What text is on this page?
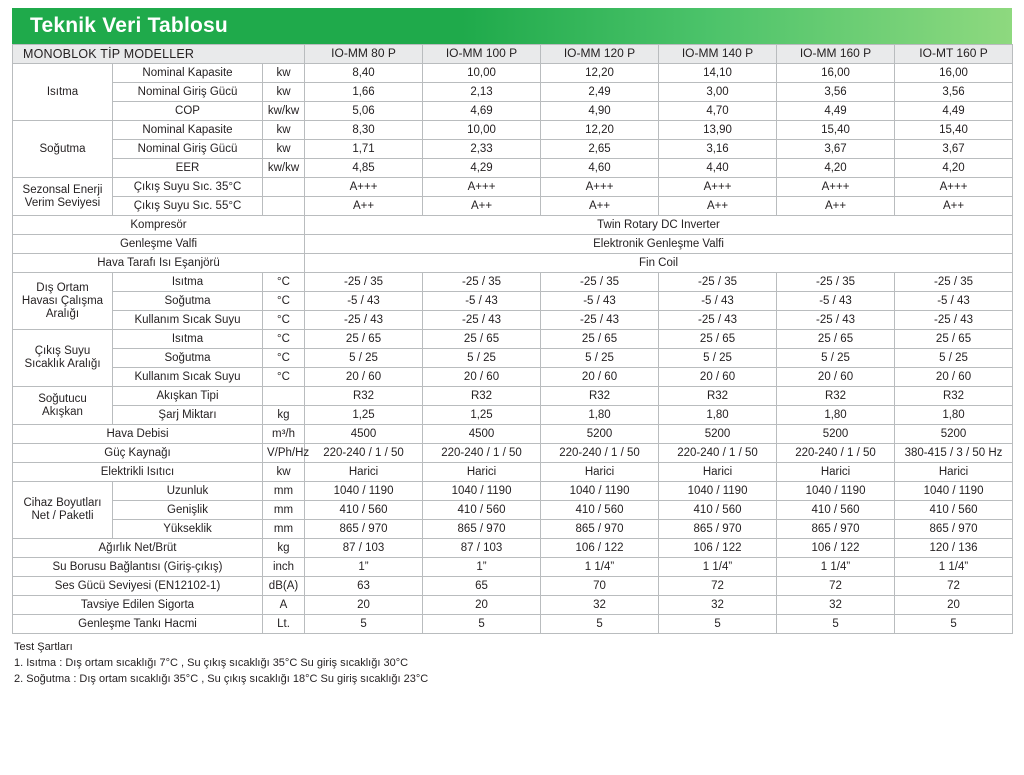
Teknik Veri Tablosu
MONOBLOK TİP MODELLER			IO-MM 80 P	IO-MM 100 P	IO-MM 120 P	IO-MM 140 P	IO-MM 160 P	IO-MT 160 P
Isıtma	Nominal Kapasite	kw	8,40	10,00	12,20	14,10	16,00	16,00
	Nominal Giriş Gücü	kw	1,66	2,13	2,49	3,00	3,56	3,56
	COP	kw/kw	5,06	4,69	4,90	4,70	4,49	4,49
Soğutma	Nominal Kapasite	kw	8,30	10,00	12,20	13,90	15,40	15,40
	Nominal Giriş Gücü	kw	1,71	2,33	2,65	3,16	3,67	3,67
	EER	kw/kw	4,85	4,29	4,60	4,40	4,20	4,20
Sezonsal Enerji Verim Seviyesi	Çıkış Suyu Sıc. 35°C		A+++	A+++	A+++	A+++	A+++	A+++
	Çıkış Suyu Sıc. 55°C		A++	A++	A++	A++	A++	A++
Kompresör			Twin Rotary DC Inverter					
Genleşme Valfi			Elektronik Genleşme Valfi					
Hava Tarafı Isı Eşanjörü			Fin Coil					
Dış Ortam Havası Çalışma Aralığı	Isıtma	°C	-25 / 35	-25 / 35	-25 / 35	-25 / 35	-25 / 35	-25 / 35
	Soğutma	°C	-5 / 43	-5 / 43	-5 / 43	-5 / 43	-5 / 43	-5 / 43
	Kullanım Sıcak Suyu	°C	-25 / 43	-25 / 43	-25 / 43	-25 / 43	-25 / 43	-25 / 43
Çıkış Suyu Sıcaklık Aralığı	Isıtma	°C	25 / 65	25 / 65	25 / 65	25 / 65	25 / 65	25 / 65
	Soğutma	°C	5 / 25	5 / 25	5 / 25	5 / 25	5 / 25	5 / 25
	Kullanım Sıcak Suyu	°C	20 / 60	20 / 60	20 / 60	20 / 60	20 / 60	20 / 60
Soğutucu Akışkan	Akışkan Tipi		R32	R32	R32	R32	R32	R32
	Şarj Miktarı	kg	1,25	1,25	1,80	1,80	1,80	1,80
Hava Debisi		m³/h	4500	4500	5200	5200	5200	5200
Güç Kaynağı		V/Ph/Hz	220-240 / 1 / 50	220-240 / 1 / 50	220-240 / 1 / 50	220-240 / 1 / 50	220-240 / 1 / 50	380-415 / 3 / 50 Hz
Elektrikli Isıtıcı		kw	Harici	Harici	Harici	Harici	Harici	Harici
Cihaz Boyutları Net / Paketli	Uzunluk	mm	1040 / 1190	1040 / 1190	1040 / 1190	1040 / 1190	1040 / 1190	1040 / 1190
	Genişlik	mm	410 / 560	410 / 560	410 / 560	410 / 560	410 / 560	410 / 560
	Yükseklik	mm	865 / 970	865 / 970	865 / 970	865 / 970	865 / 970	865 / 970
Ağırlık Net/Brüt		kg	87 / 103	87 / 103	106 / 122	106 / 122	106 / 122	120 / 136
Su Borusu Bağlantısı (Giriş-çıkış)		inch	1”	1”	1 1/4”	1 1/4”	1 1/4”	1 1/4”
Ses Gücü Seviyesi (EN12102-1)		dB(A)	63	65	70	72	72	72
Tavsiye Edilen Sigorta		A	20	20	32	32	32	20
Genleşme Tankı Hacmi		Lt.	5	5	5	5	5	5
Test Şartları
1. Isıtma : Dış ortam sıcaklığı 7°C , Su çıkış sıcaklığı 35°C Su giriş sıcaklığı 30°C
2. Soğutma : Dış ortam sıcaklığı 35°C , Su çıkış sıcaklığı 18°C Su giriş sıcaklığı 23°C
